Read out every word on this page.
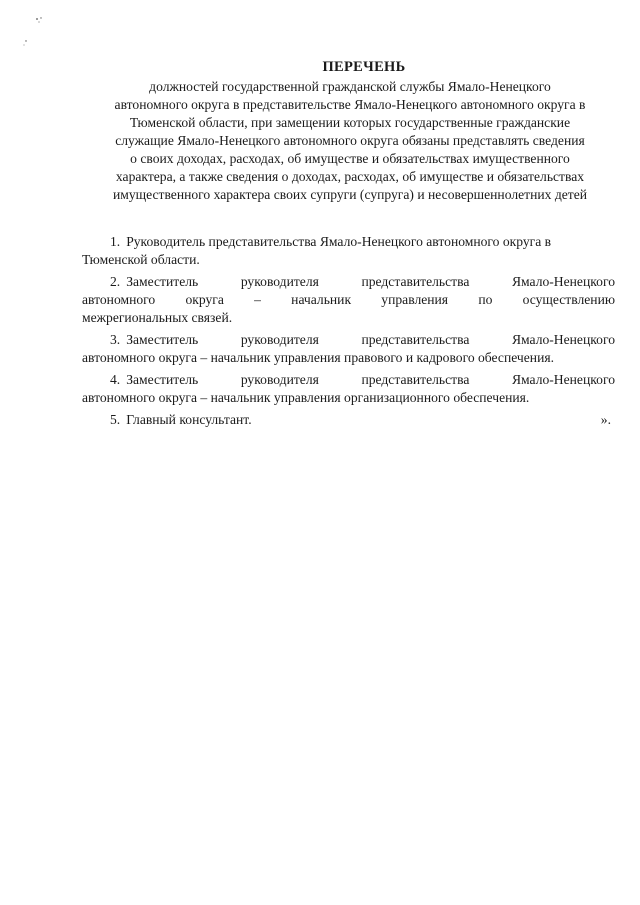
ПЕРЕЧЕНЬ
должностей государственной гражданской службы Ямало-Ненецкого
автономного округа в представительстве Ямало-Ненецкого автономного округа в
Тюменской области, при замещении которых государственные гражданские
служащие Ямало-Ненецкого автономного округа обязаны представлять сведения
о своих доходах, расходах, об имуществе и обязательствах имущественного
характера, а также сведения о доходах, расходах, об имуществе и обязательствах
имущественного характера своих супруги (супруга) и несовершеннолетних детей
1. Руководитель представительства Ямало-Ненецкого автономного округа в
Тюменской области.
2. Заместитель руководителя представительства Ямало-Ненецкого
автономного округа – начальник управления по осуществлению
межрегиональных связей.
3. Заместитель руководителя представительства Ямало-Ненецкого
автономного округа – начальник управления правового и кадрового обеспечения.
4. Заместитель руководителя представительства Ямало-Ненецкого
автономного округа – начальник управления организационного обеспечения.
5. Главный консультант.	».
